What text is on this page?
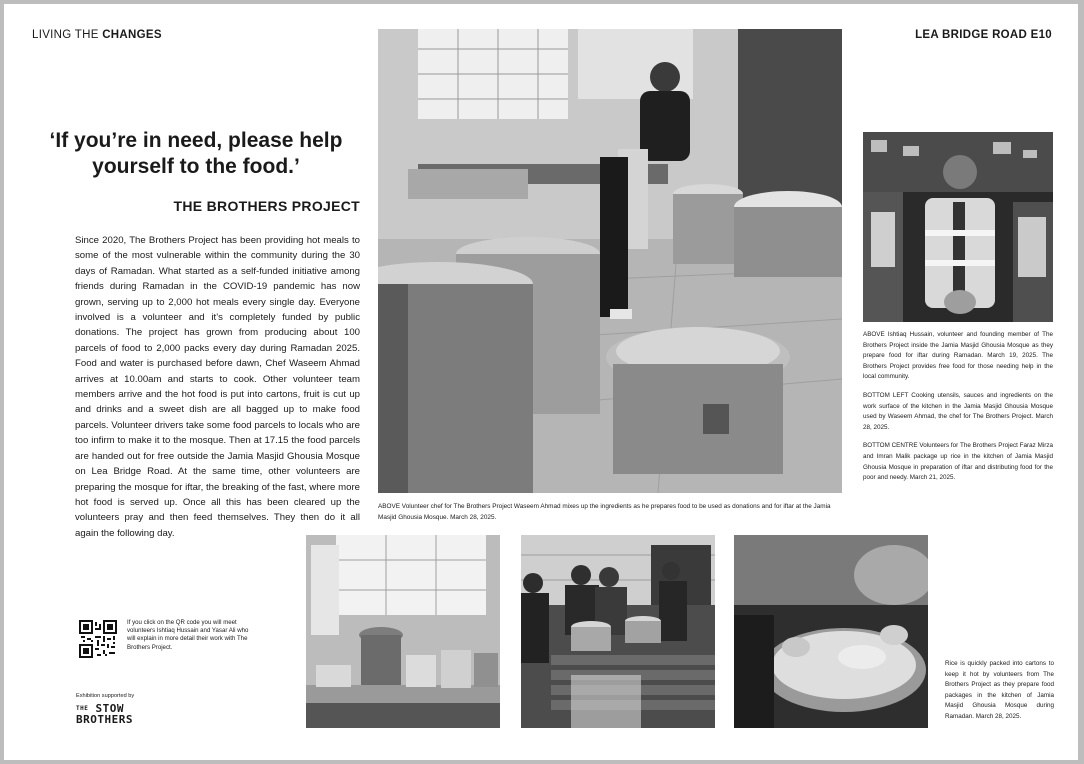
LIVING THE CHANGES	LEA BRIDGE ROAD E10
‘If you’re in need, please help yourself to the food.’
THE BROTHERS PROJECT
Since 2020, The Brothers Project has been providing hot meals to some of the most vulnerable within the community during the 30 days of Ramadan. What started as a self-funded initiative among friends during Ramadan in the COVID-19 pandemic has now grown, serving up to 2,000 hot meals every single day. Everyone involved is a volunteer and it’s completely funded by public donations. The project has grown from producing about 100 parcels of food to 2,000 packs every day during Ramadan 2025. Food and water is purchased before dawn, Chef Waseem Ahmad arrives at 10.00am and starts to cook. Other volunteer team members arrive and the hot food is put into cartons, fruit is cut up and drinks and a sweet dish are all bagged up to make food parcels. Volunteer drivers take some food parcels to locals who are too infirm to make it to the mosque. Then at 17.15 the food parcels are handed out for free outside the Jamia Masjid Ghousia Mosque on Lea Bridge Road. At the same time, other volunteers are preparing the mosque for iftar, the breaking of the fast, where more hot food is served up. Once all this has been cleared up the volunteers pray and then feed themselves. They then do it all again the following day.
ABOVE Volunteer chef for The Brothers Project Waseem Ahmad mixes up the ingredients as he prepares food to be used as donations and for iftar at the Jamia Masjid Ghousia Mosque. March 28, 2025.

ABOVE Ishtiaq Hussain, volunteer and founding member of The Brothers Project inside the Jamia Masjid Ghousia Mosque as they prepare food for iftar during Ramadan. March 19, 2025. The Brothers Project provides free food for those needing help in the local community.

BOTTOM LEFT Cooking utensils, sauces and ingredients on the work surface of the kitchen in the Jamia Masjid Ghousia Mosque used by Waseem Ahmad, the chef for The Brothers Project. March 28, 2025.

BOTTOM CENTRE Volunteers for The Brothers Project Faraz Mirza and Imran Malik package up rice in the kitchen of Jamia Masjid Ghousia Mosque in preparation of iftar and distributing food for the poor and needy. March 21, 2025.

Rice is quickly packed into cartons to keep it hot by volunteers from The Brothers Project as they prepare food packages in the kitchen of Jamia Masjid Ghousia Mosque during Ramadan. March 28, 2025.
If you click on the QR code you will meet volunteers Ishtiaq Hussain and Yasar Ali who will explain in more detail their work with The Brothers Project.
Exhibition supported by
$^{THE}$ STOW
BROTHERS
